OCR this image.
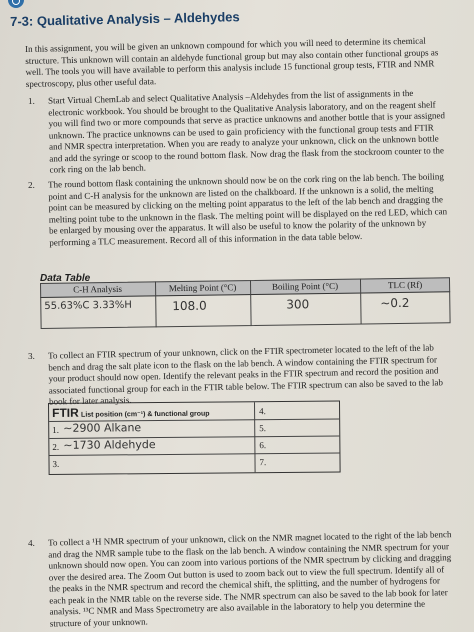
7-3: Qualitative Analysis – Aldehydes
In this assignment, you will be given an unknown compound for which you will need to determine its chemical structure. This unknown will contain an aldehyde functional group but may also contain other functional groups as well. The tools you will have available to perform this analysis include 15 functional group tests, FTIR and NMR spectroscopy, plus other useful data.
1. Start Virtual ChemLab and select Qualitative Analysis –Aldehydes from the list of assignments in the electronic workbook. You should be brought to the Qualitative Analysis laboratory, and on the reagent shelf you will find two or more compounds that serve as practice unknowns and another bottle that is your assigned unknown. The practice unknowns can be used to gain proficiency with the functional group tests and FTIR and NMR spectra interpretation. When you are ready to analyze your unknown, click on the unknown bottle and add the syringe or scoop to the round bottom flask. Now drag the flask from the stockroom counter to the cork ring on the lab bench.
2. The round bottom flask containing the unknown should now be on the cork ring on the lab bench. The boiling point and C-H analysis for the unknown are listed on the chalkboard. If the unknown is a solid, the melting point can be measured by clicking on the melting point apparatus to the left of the lab bench and dragging the melting point tube to the unknown in the flask. The melting point will be displayed on the red LED, which can be enlarged by mousing over the apparatus. It will also be useful to know the polarity of the unknown by performing a TLC measurement. Record all of this information in the data table below.
Data Table
C-H Analysis	Melting Point (°C)	Boiling Point (°C)	TLC (Rf)
55.63%C 3.33%H	108.0	300	~0.2
3. To collect an FTIR spectrum of your unknown, click on the FTIR spectrometer located to the left of the lab bench and drag the salt plate icon to the flask on the lab bench. A window containing the FTIR spectrum for your product should now open. Identify the relevant peaks in the FTIR spectrum and record the position and associated functional group for each in the FTIR table below. The FTIR spectrum can also be saved to the lab book for later analysis.
FTIR List position (cm⁻¹) & functional group	4.
1. ~2900 Alkane	5.
2. ~1730 Aldehyde	6.
3.	7.
4. To collect a ¹H NMR spectrum of your unknown, click on the NMR magnet located to the right of the lab bench and drag the NMR sample tube to the flask on the lab bench. A window containing the NMR spectrum for your unknown should now open. You can zoom into various portions of the NMR spectrum by clicking and dragging over the desired area. The Zoom Out button is used to zoom back out to view the full spectrum. Identify all of the peaks in the NMR spectrum and record the chemical shift, the splitting, and the number of hydrogens for each peak in the NMR table on the reverse side. The NMR spectrum can also be saved to the lab book for later analysis. ¹³C NMR and Mass Spectrometry are also available in the laboratory to help you determine the structure of your unknown.
